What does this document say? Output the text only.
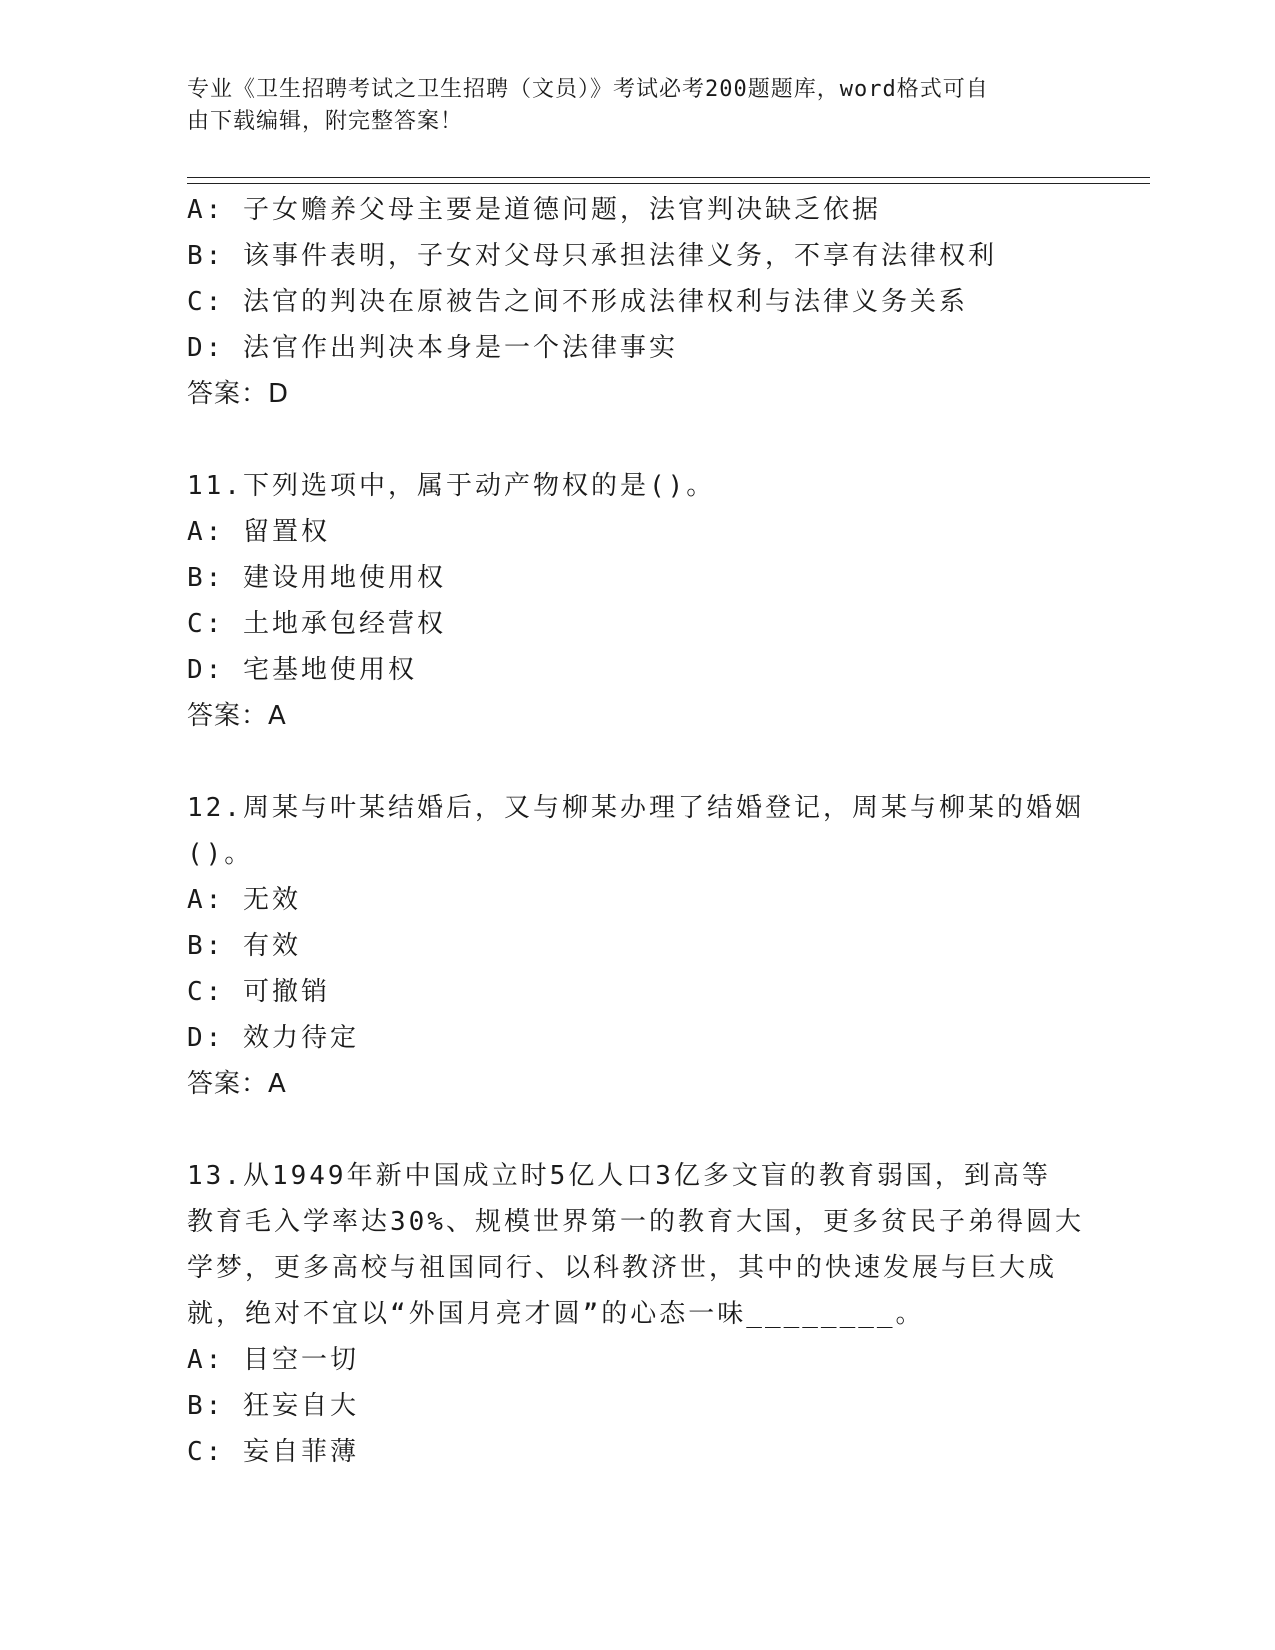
专业《卫生招聘考试之卫生招聘（文员）》考试必考200题题库，word格式可自
由下载编辑，附完整答案！
A: 子女赡养父母主要是道德问题，法官判决缺乏依据
B: 该事件表明，子女对父母只承担法律义务，不享有法律权利
C: 法官的判决在原被告之间不形成法律权利与法律义务关系
D: 法官作出判决本身是一个法律事实
答案：D
11.下列选项中，属于动产物权的是()。
A: 留置权
B: 建设用地使用权
C: 土地承包经营权
D: 宅基地使用权
答案：A
12.周某与叶某结婚后，又与柳某办理了结婚登记，周某与柳某的婚姻
()。
A: 无效
B: 有效
C: 可撤销
D: 效力待定
答案：A
13.从1949年新中国成立时5亿人口3亿多文盲的教育弱国，到高等
教育毛入学率达30%、规模世界第一的教育大国，更多贫民子弟得圆大
学梦，更多高校与祖国同行、以科教济世，其中的快速发展与巨大成
就，绝对不宜以“外国月亮才圆”的心态一味________。
A: 目空一切
B: 狂妄自大
C: 妄自菲薄
